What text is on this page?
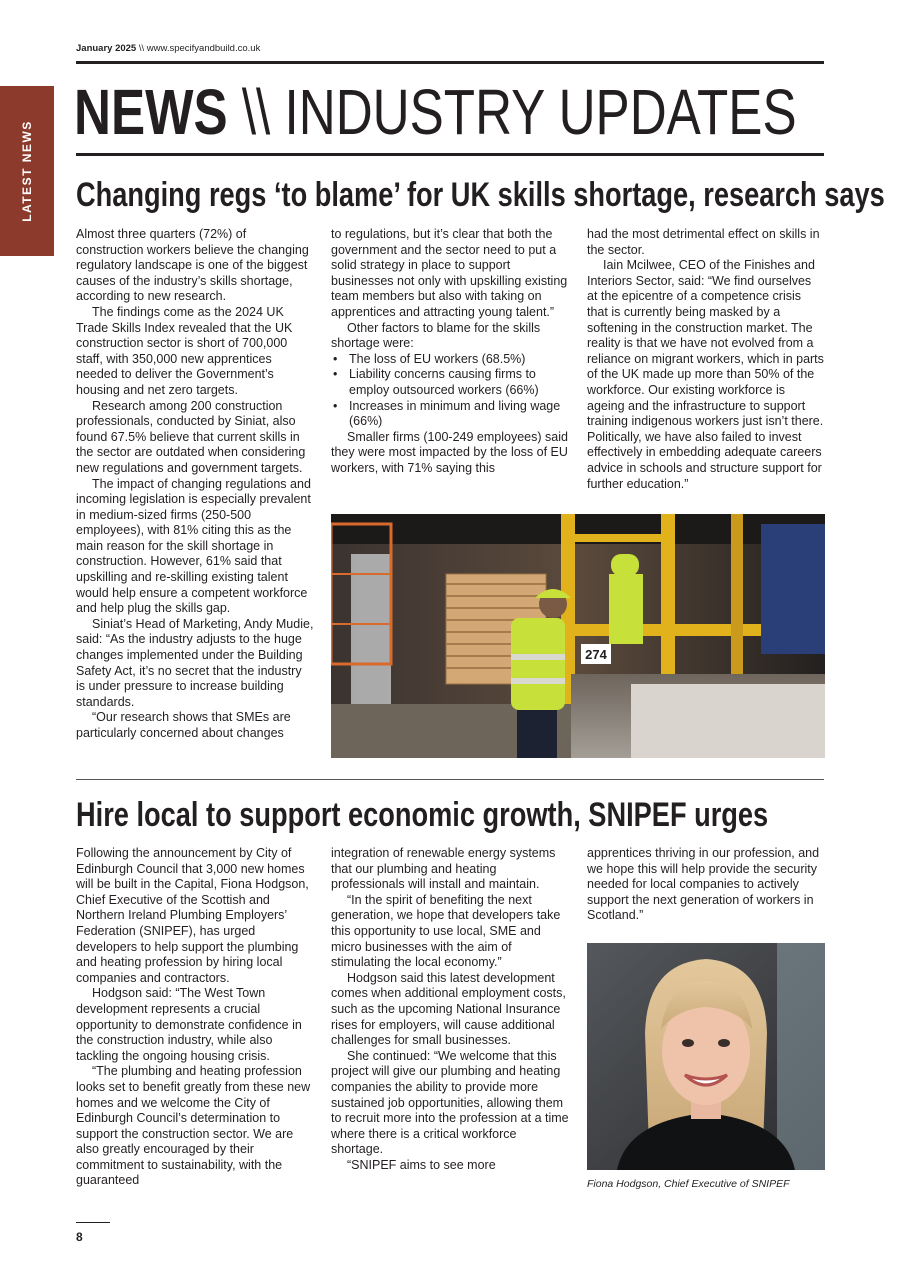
LATEST NEWS
January 2025 \\ www.specifyandbuild.co.uk
NEWS \\ INDUSTRY UPDATES
Changing regs ‘to blame’ for UK skills shortage, research says

Almost three quarters (72%) of construction workers believe the changing regulatory landscape is one of the biggest causes of the industry’s skills shortage, according to new research.

The findings come as the 2024 UK Trade Skills Index revealed that the UK construction sector is short of 700,000 staff, with 350,000 new apprentices needed to deliver the Government’s housing and net zero targets.

Research among 200 construction professionals, conducted by Siniat, also found 67.5% believe that current skills in the sector are outdated when considering new regulations and government targets.

The impact of changing regulations and incoming legislation is especially prevalent in medium-sized firms (250-500 employees), with 81% citing this as the main reason for the skill shortage in construction. However, 61% said that upskilling and re-skilling existing talent would help ensure a competent workforce and help plug the skills gap.

Siniat’s Head of Marketing, Andy Mudie, said: “As the industry adjusts to the huge changes implemented under the Building Safety Act, it’s no secret that the industry is under pressure to increase building standards.

“Our research shows that SMEs are particularly concerned about changes

to regulations, but it’s clear that both the government and the sector need to put a solid strategy in place to support businesses not only with upskilling existing team members but also with taking on apprentices and attracting young talent.”

Other factors to blame for the skills shortage were:

• The loss of EU workers (68.5%)
• Liability concerns causing firms to employ outsourced workers (66%)
• Increases in minimum and living wage (66%)

Smaller firms (100-249 employees) said they were most impacted by the loss of EU workers, with 71% saying this

had the most detrimental effect on skills in the sector.

Iain Mcilwee, CEO of the Finishes and Interiors Sector, said: “We find ourselves at the epicentre of a competence crisis that is currently being masked by a softening in the construction market. The reality is that we have not evolved from a reliance on migrant workers, which in parts of the UK made up more than 50% of the workforce. Our existing workforce is ageing and the infrastructure to support training indigenous workers just isn’t there. Politically, we have also failed to invest effectively in embedding adequate careers advice in schools and structure support for further education.”

274
Hire local to support economic growth, SNIPEF urges

Following the announcement by City of Edinburgh Council that 3,000 new homes will be built in the Capital, Fiona Hodgson, Chief Executive of the Scottish and Northern Ireland Plumbing Employers’ Federation (SNIPEF), has urged developers to help support the plumbing and heating profession by hiring local companies and contractors.

Hodgson said: “The West Town development represents a crucial opportunity to demonstrate confidence in the construction industry, while also tackling the ongoing housing crisis.

“The plumbing and heating profession looks set to benefit greatly from these new homes and we welcome the City of Edinburgh Council’s determination to support the construction sector. We are also greatly encouraged by their commitment to sustainability, with the guaranteed

integration of renewable energy systems that our plumbing and heating professionals will install and maintain.

“In the spirit of benefiting the next generation, we hope that developers take this opportunity to use local, SME and micro businesses with the aim of stimulating the local economy.”

Hodgson said this latest development comes when additional employment costs, such as the upcoming National Insurance rises for employers, will cause additional challenges for small businesses.

She continued: “We welcome that this project will give our plumbing and heating companies the ability to provide more sustained job opportunities, allowing them to recruit more into the profession at a time where there is a critical workforce shortage.

“SNIPEF aims to see more

apprentices thriving in our profession, and we hope this will help provide the security needed for local companies to actively support the next generation of workers in Scotland.”

Fiona Hodgson, Chief Executive of SNIPEF
8
